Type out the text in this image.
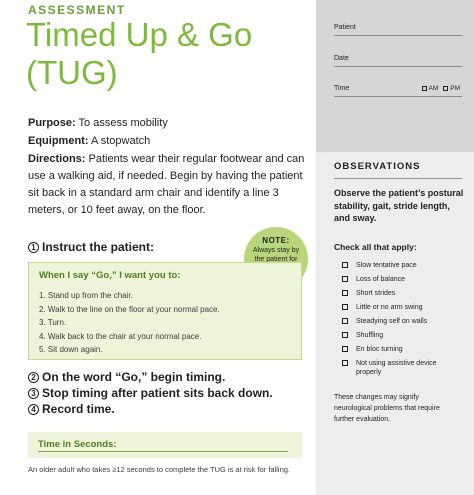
ASSESSMENT
Timed Up & Go
(TUG)
Purpose: To assess mobility
Equipment: A stopwatch
Directions: Patients wear their regular footwear and can use a walking aid, if needed. Begin by having the patient sit back in a standard arm chair and identify a line 3 meters, or 10 feet away, on the floor.
1 Instruct the patient:	NOTE:
Always stay by the patient for
When I say “Go,” I want you to:
1. Stand up from the chair.
2. Walk to the line on the floor at your normal pace.
3. Turn.
4. Walk back to the chair at your normal pace.
5. Sit down again.
2 On the word “Go,” begin timing.
3 Stop timing after patient sits back down.
4 Record time.
Time in Seconds:
An older adult who takes ≥12 seconds to complete the TUG is at risk for falling.
Patient
Date
Time	AM PM
OBSERVATIONS
Observe the patient’s postural stability, gait, stride length, and sway.
Check all that apply:
Slow tentative pace
Loss of balance
Short strides
Little or no arm swing
Steadying self on walls
Shuffling
En bloc turning
Not using assistive device properly
These changes may signify neurological problems that require further evaluation.
